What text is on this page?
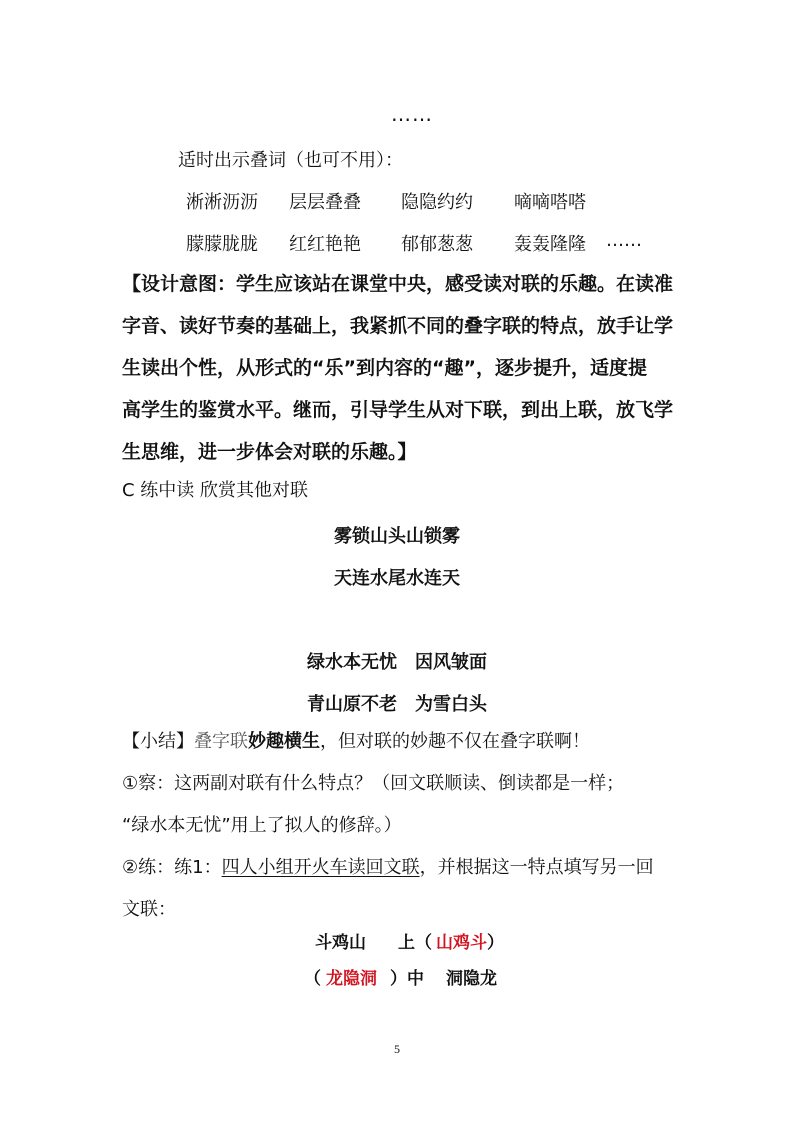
……
适时出示叠词（也可不用）：
淅淅沥沥 层层叠叠 隐隐约约 嘀嘀嗒嗒
朦朦胧胧 红红艳艳 郁郁葱葱 轰轰隆隆 ……
【设计意图：学生应该站在课堂中央，感受读对联的乐趣。在读准
字音、读好节奏的基础上，我紧抓不同的叠字联的特点，放手让学
生读出个性，从形式的“乐”到内容的“趣”，逐步提升，适度提
高学生的鉴赏水平。继而，引导学生从对下联，到出上联，放飞学
生思维，进一步体会对联的乐趣。】
C 练中读 欣赏其他对联
雾锁山头山锁雾
天连水尾水连天
绿水本无忧　因风皱面
青山原不老　为雪白头
【小结】叠字联妙趣横生，但对联的妙趣不仅在叠字联啊！
①察：这两副对联有什么特点？（回文联顺读、倒读都是一样；
“绿水本无忧”用上了拟人的修辞。）
②练：练1：四人小组开火车读回文联，并根据这一特点填写另一回
文联：
斗鸡山 上（ 山鸡斗 ）
（ 龙隐洞 ）中 洞隐龙
5
